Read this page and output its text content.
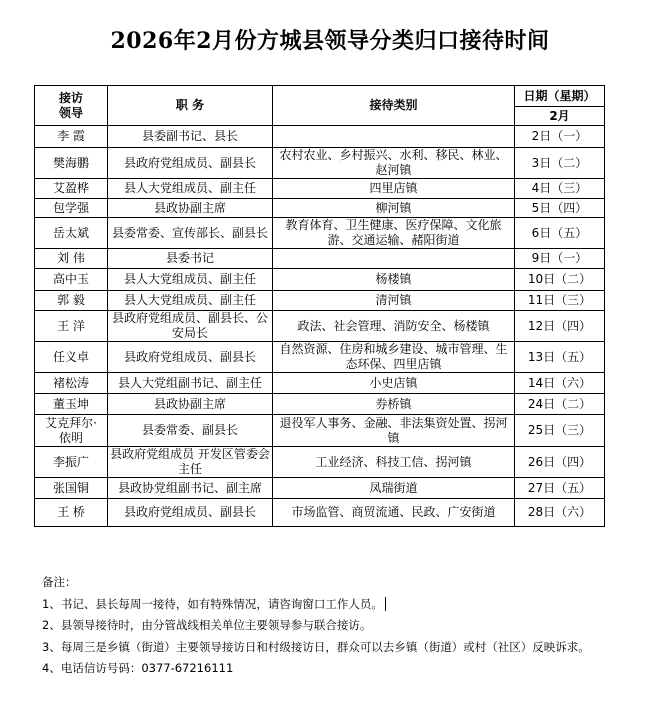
2026年2月份方城县领导分类归口接待时间
接访领导	职 务	接待类别	日期（星期）
			2月
李 霞	县委副书记、县长		2日（一）
樊海鹏	县政府党组成员、副县长	农村农业、乡村振兴、水利、移民、林业、赵河镇	3日（二）
艾盈桦	县人大党组成员、副主任	四里店镇	4日（三）
包学强	县政协副主席	柳河镇	5日（四）
岳太斌	县委常委、宣传部长、副县长	教育体育、卫生健康、医疗保障、文化旅游、交通运输、赭阳街道	6日（五）
刘 伟	县委书记		9日（一）
高中玉	县人大党组成员、副主任	杨楼镇	10日（二）
郭 毅	县人大党组成员、副主任	清河镇	11日（三）
王 洋	县政府党组成员、副县长、公安局长	政法、社会管理、消防安全、杨楼镇	12日（四）
任义卓	县政府党组成员、副县长	自然资源、住房和城乡建设、城市管理、生态环保、四里店镇	13日（五）
褚松涛	县人大党组副书记、副主任	小史店镇	14日（六）
董玉坤	县政协副主席	券桥镇	24日（二）
艾克拜尔·依明	县委常委、副县长	退役军人事务、金融、非法集资处置、拐河镇	25日（三）
李振广	县政府党组成员 开发区管委会主任	工业经济、科技工信、拐河镇	26日（四）
张国铜	县政协党组副书记、副主席	凤瑞街道	27日（五）
王 桥	县政府党组成员、副县长	市场监管、商贸流通、民政、广安街道	28日（六）
备注：
1、书记、县长每周一接待，如有特殊情况，请咨询窗口工作人员。
2、县领导接待时，由分管战线相关单位主要领导参与联合接访。
3、每周三是乡镇（街道）主要领导接访日和村级接访日，群众可以去乡镇（街道）或村（社区）反映诉求。
4、电话信访号码：0377-67216111
